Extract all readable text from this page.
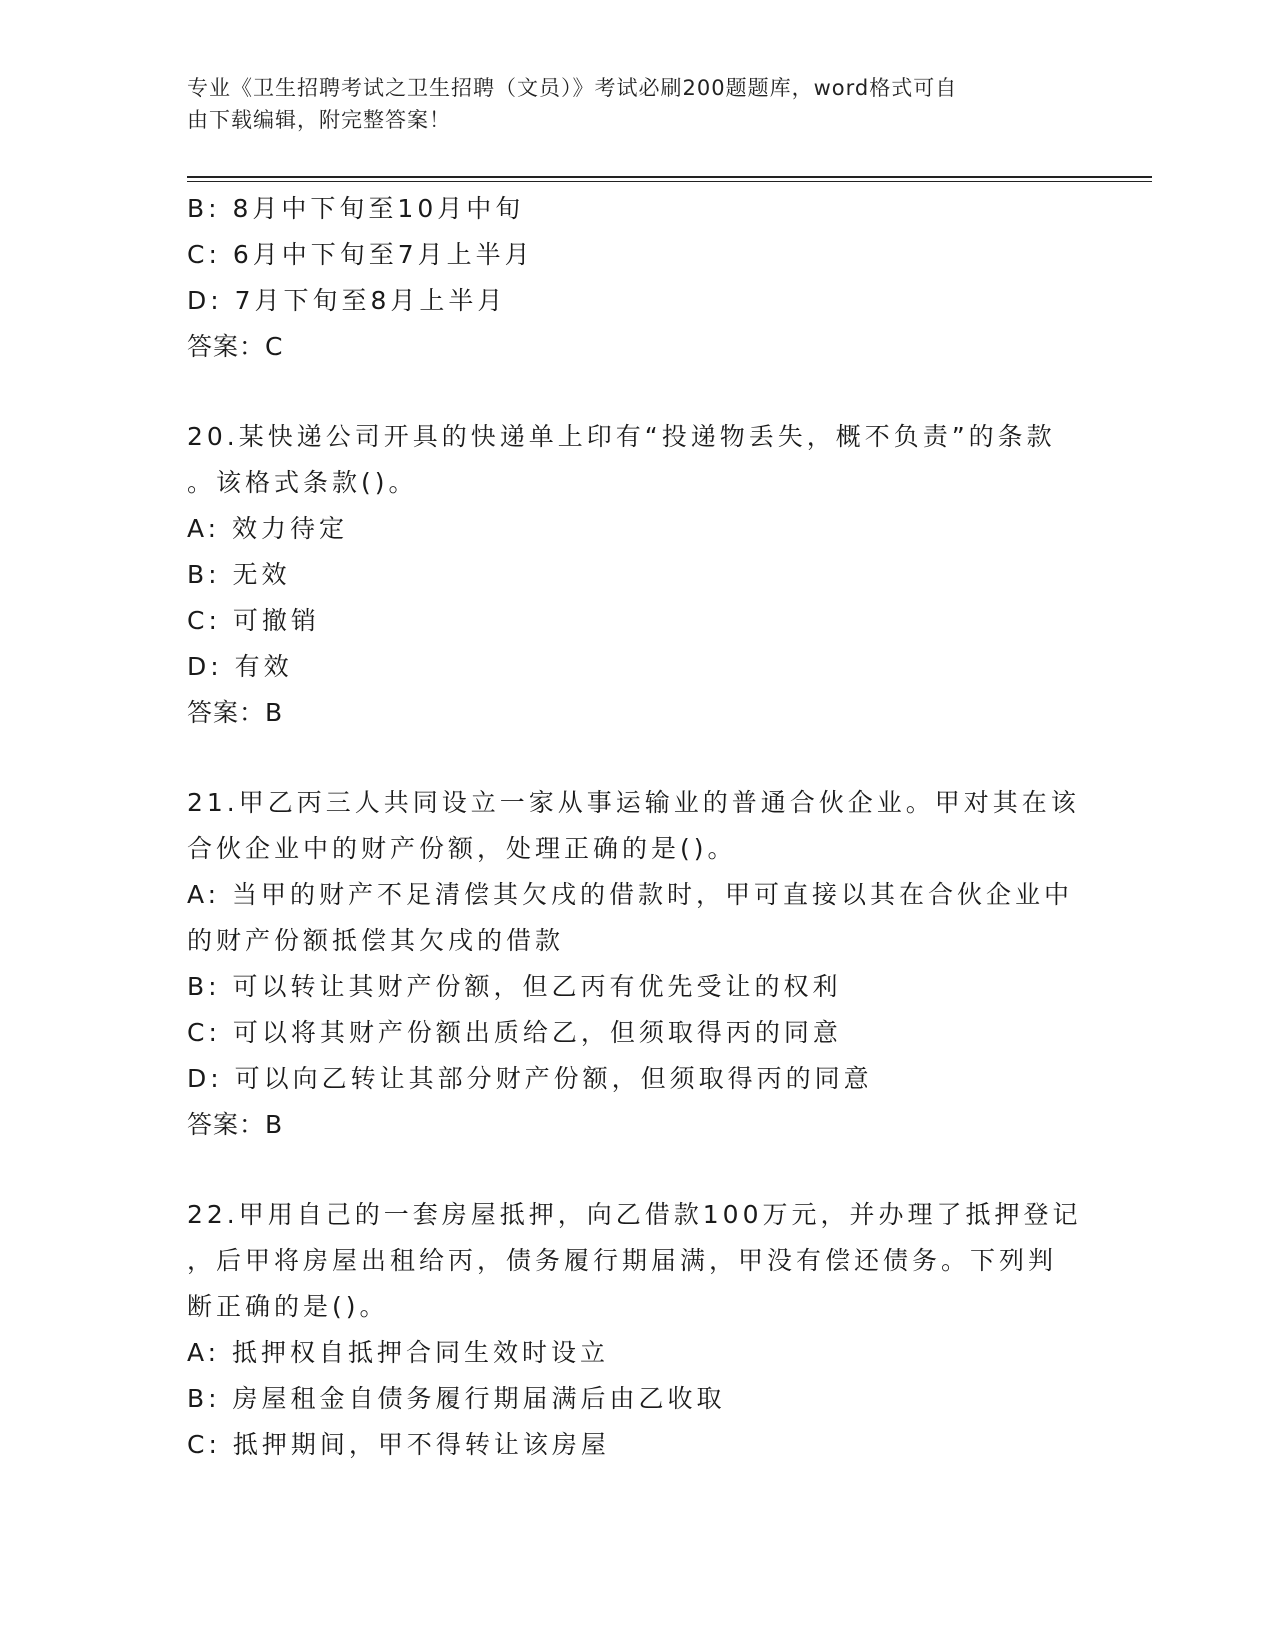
专业《卫生招聘考试之卫生招聘（文员）》考试必刷200题题库，word格式可自
由下载编辑，附完整答案！
B: 8月中下旬至10月中旬
C: 6月中下旬至7月上半月
D: 7月下旬至8月上半月
答案：C
20.某快递公司开具的快递单上印有“投递物丢失，概不负责”的条款
。该格式条款()。
A: 效力待定
B: 无效
C: 可撤销
D: 有效
答案：B
21.甲乙丙三人共同设立一家从事运输业的普通合伙企业。甲对其在该
合伙企业中的财产份额，处理正确的是()。
A: 当甲的财产不足清偿其欠戌的借款时，甲可直接以其在合伙企业中
的财产份额抵偿其欠戌的借款
B: 可以转让其财产份额，但乙丙有优先受让的权利
C: 可以将其财产份额出质给乙，但须取得丙的同意
D: 可以向乙转让其部分财产份额，但须取得丙的同意
答案：B
22.甲用自己的一套房屋抵押，向乙借款100万元，并办理了抵押登记
，后甲将房屋出租给丙，债务履行期届满，甲没有偿还债务。下列判
断正确的是()。
A: 抵押权自抵押合同生效时设立
B: 房屋租金自债务履行期届满后由乙收取
C: 抵押期间，甲不得转让该房屋
